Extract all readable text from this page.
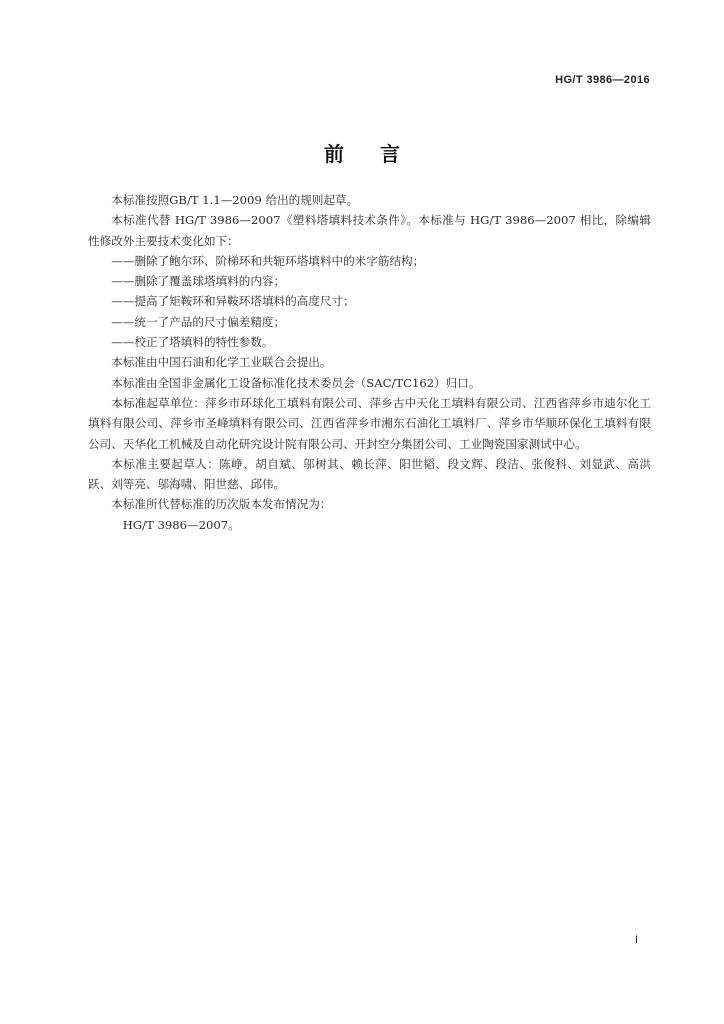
HG/T 3986—2016
前言

本标准按照GB/T 1.1—2009 给出的规则起草。

本标准代替 HG/T 3986—2007《塑料塔填料技术条件》。本标准与 HG/T 3986—2007 相比，除编辑性修改外主要技术变化如下：

——删除了鲍尔环、阶梯环和共轭环塔填料中的米字筋结构；

——删除了覆盖球塔填料的内容；

——提高了矩鞍环和异鞍环塔填料的高度尺寸；

——统一了产品的尺寸偏差精度；

——校正了塔填料的特性参数。

本标准由中国石油和化学工业联合会提出。

本标准由全国非金属化工设备标准化技术委员会（SAC/TC162）归口。

本标准起草单位：萍乡市环球化工填料有限公司、萍乡古中天化工填料有限公司、江西省萍乡市迪尔化工填料有限公司、萍乡市圣峰填料有限公司、江西省萍乡市湘东石油化工填料厂、萍乡市华顺环保化工填料有限公司、天华化工机械及自动化研究设计院有限公司、开封空分集团公司、工业陶瓷国家测试中心。

本标准主要起草人：陈峥、胡自斌、邬树其、赖长萍、阳世韬、段文辉、段洁、张俊科、刘显武、高洪跃、刘等亮、邬海啸、阳世慈、邱伟。

本标准所代替标准的历次版本发布情况为：

HG/T 3986—2007。

I
